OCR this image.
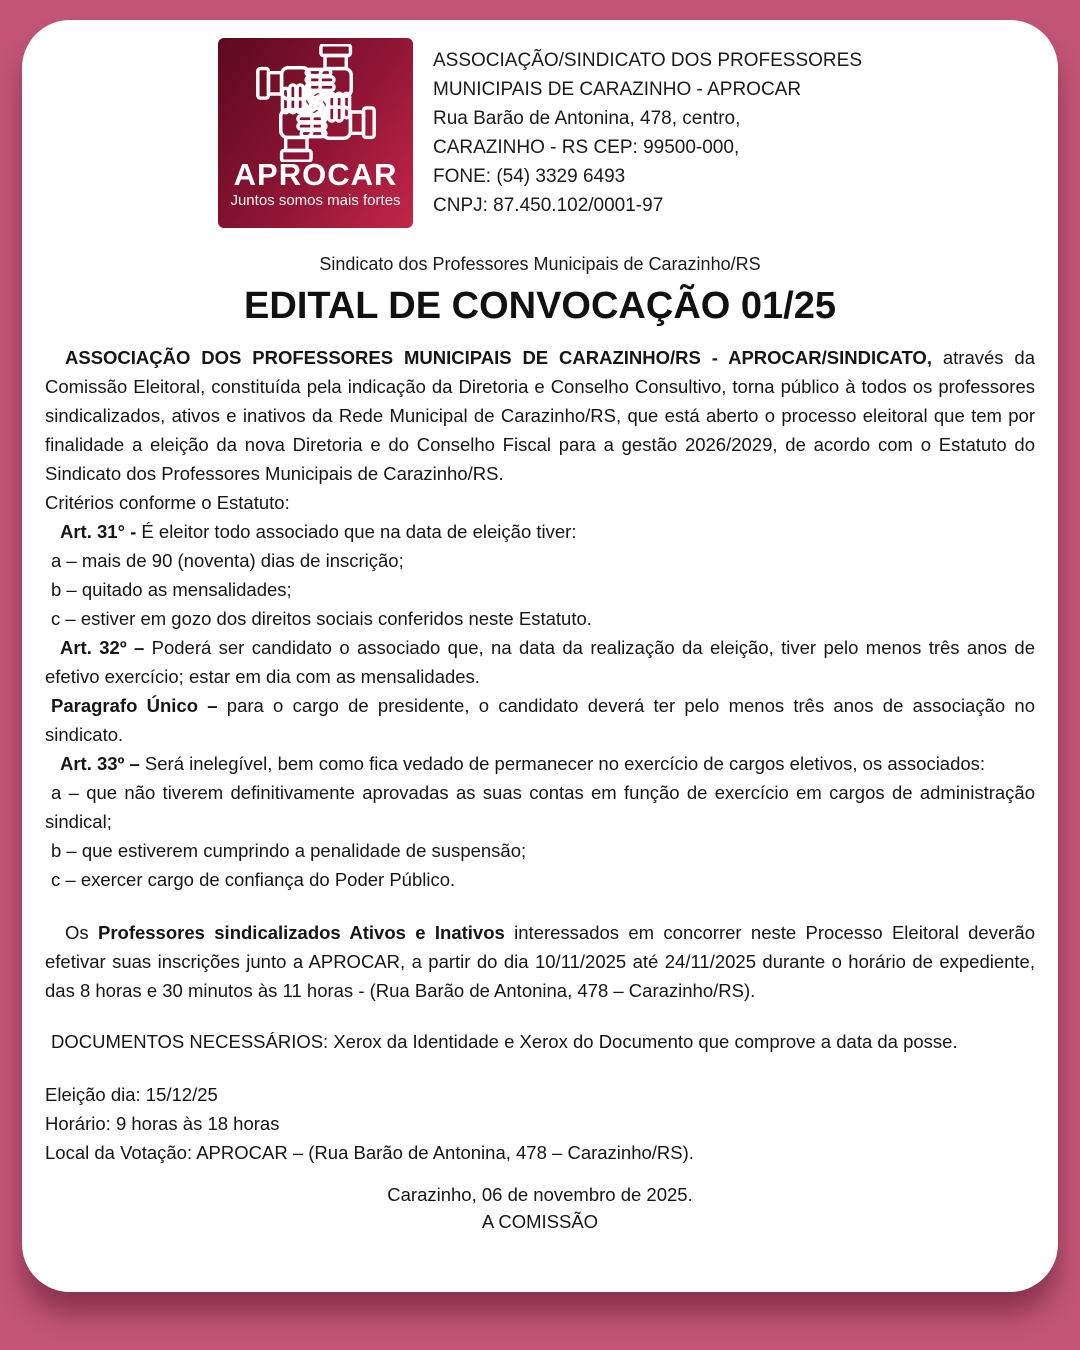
APROCAR
Juntos somos mais fortes
ASSOCIAÇÃO/SINDICATO DOS PROFESSORES
MUNICIPAIS DE CARAZINHO - APROCAR
Rua Barão de Antonina, 478, centro,
CARAZINHO - RS CEP: 99500-000,
FONE: (54) 3329 6493
CNPJ: 87.450.102/0001-97
Sindicato dos Professores Municipais de Carazinho/RS
EDITAL DE CONVOCAÇÃO 01/25

ASSOCIAÇÃO DOS PROFESSORES MUNICIPAIS DE CARAZINHO/RS - APROCAR/SINDICATO, através da Comissão Eleitoral, constituída pela indicação da Diretoria e Conselho Consultivo, torna público à todos os professores sindicalizados, ativos e inativos da Rede Municipal de Carazinho/RS, que está aberto o processo eleitoral que tem por finalidade a eleição da nova Diretoria e do Conselho Fiscal para a gestão 2026/2029, de acordo com o Estatuto do Sindicato dos Professores Municipais de Carazinho/RS.

Critérios conforme o Estatuto:

Art. 31° - É eleitor todo associado que na data de eleição tiver:

a – mais de 90 (noventa) dias de inscrição;

b – quitado as mensalidades;

c – estiver em gozo dos direitos sociais conferidos neste Estatuto.

Art. 32º – Poderá ser candidato o associado que, na data da realização da eleição, tiver pelo menos três anos de efetivo exercício; estar em dia com as mensalidades.

Paragrafo Único – para o cargo de presidente, o candidato deverá ter pelo menos três anos de associação no sindicato.

Art. 33º – Será inelegível, bem como fica vedado de permanecer no exercício de cargos eletivos, os associados:

a – que não tiverem definitivamente aprovadas as suas contas em função de exercício em cargos de administração sindical;

b – que estiverem cumprindo a penalidade de suspensão;

c – exercer cargo de confiança do Poder Público.

Os Professores sindicalizados Ativos e Inativos interessados em concorrer neste Processo Eleitoral deverão efetivar suas inscrições junto a APROCAR, a partir do dia 10/11/2025 até 24/11/2025 durante o horário de expediente, das 8 horas e 30 minutos às 11 horas - (Rua Barão de Antonina, 478 – Carazinho/RS).

DOCUMENTOS NECESSÁRIOS: Xerox da Identidade e Xerox do Documento que comprove a data da posse.

Eleição dia: 15/12/25

Horário: 9 horas às 18 horas

Local da Votação: APROCAR – (Rua Barão de Antonina, 478 – Carazinho/RS).

Carazinho, 06 de novembro de 2025.
A COMISSÃO
